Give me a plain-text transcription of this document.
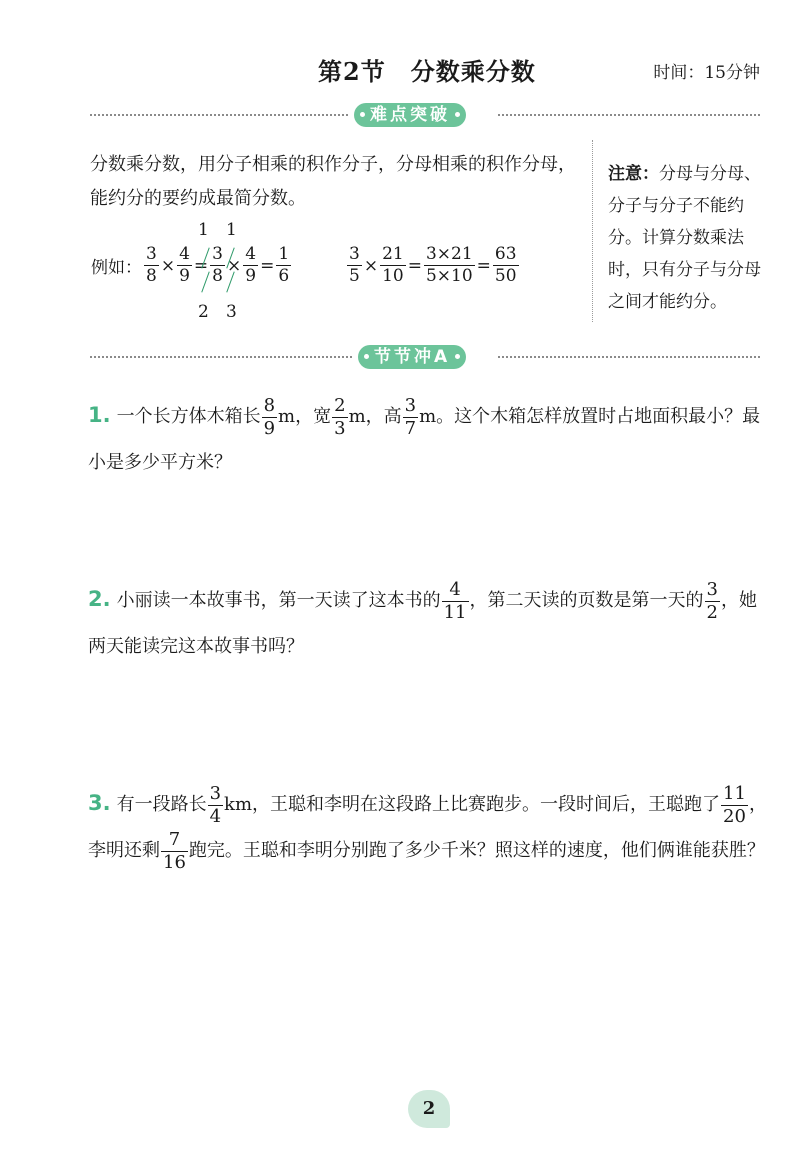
第2节　分数乘分数	时间：15分钟
难点突破
分数乘分数，用分子相乘的积作分子，分母相乘的积作分母，能约分的要约成最简分数。
注意：分母与分母、分子与分子不能约分。计算分数乘法时，只有分子与分母之间才能约分。
例如： $\frac{3}{8} \times \frac{4}{9} = \frac{3}{8} \times \frac{4}{9} = \frac{1}{6}$
1 1
2 3
$\frac{3}{5} \times \frac{21}{10} = \frac{3\times 21}{5\times 10} = \frac{63}{50}$
节节冲A
1. 一个长方体木箱长 $\frac{8}{9}$ m，宽 $\frac{2}{3}$ m，高 $\frac{3}{7}$ m。这个木箱怎样放置时占地面积最小？最小是多少平方米？
2. 小丽读一本故事书，第一天读了这本书的 $\frac{4}{11}$ ，第二天读的页数是第一天的 $\frac{3}{2}$ ，她两天能读完这本故事书吗？
3. 有一段路长 $\frac{3}{4}$ km，王聪和李明在这段路上比赛跑步。一段时间后，王聪跑了 $\frac{11}{20}$ ，李明还剩 $\frac{7}{16}$ 跑完。王聪和李明分别跑了多少千米？照这样的速度，他们俩谁能获胜？
2
